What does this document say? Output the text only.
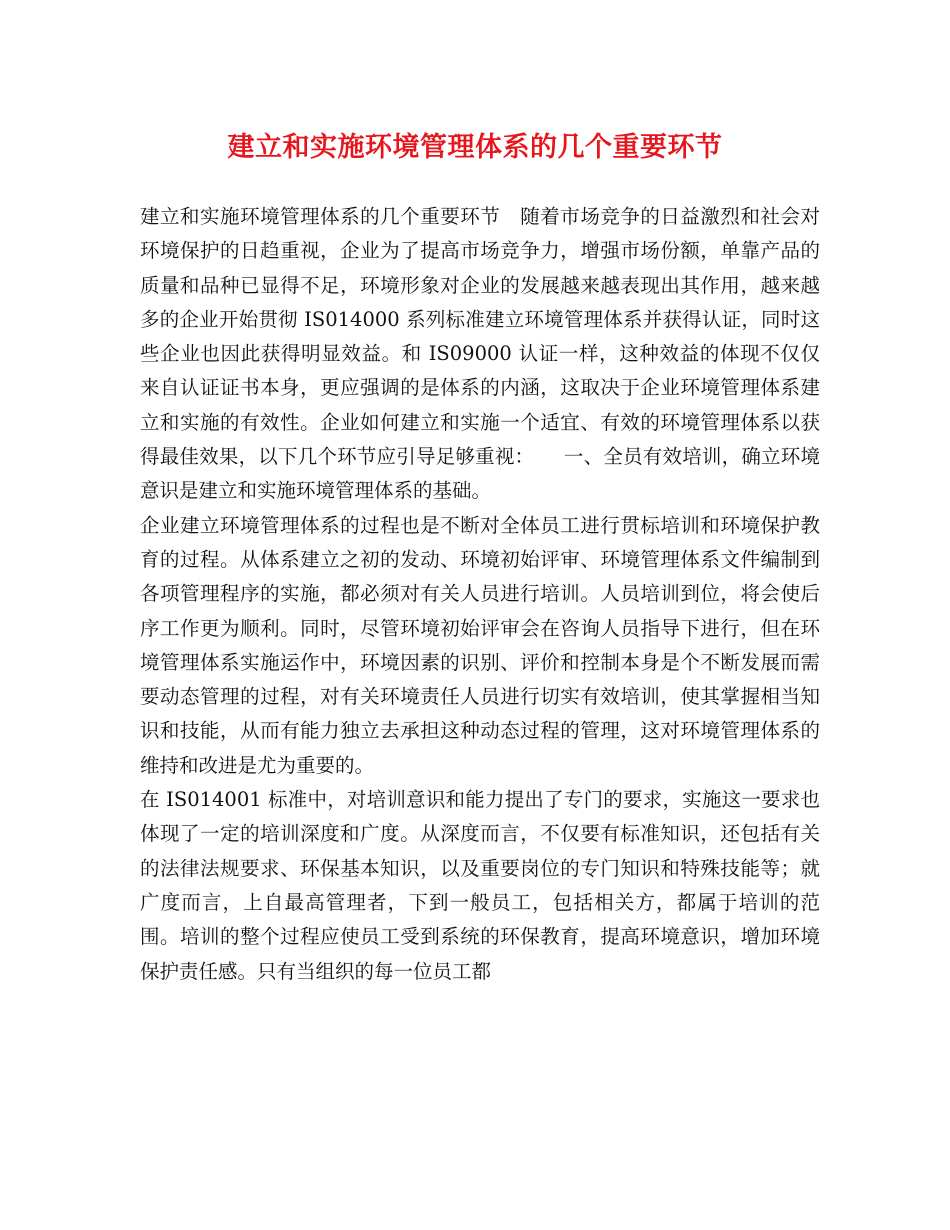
建立和实施环境管理体系的几个重要环节

建立和实施环境管理体系的几个重要环节　随着市场竞争的日益激烈和社会对环境保护的日趋重视，企业为了提高市场竞争力，增强市场份额，单靠产品的质量和品种已显得不足，环境形象对企业的发展越来越表现出其作用，越来越多的企业开始贯彻 IS014000 系列标准建立环境管理体系并获得认证，同时这些企业也因此获得明显效益。和 IS09000 认证一样，这种效益的体现不仅仅来自认证证书本身，更应强调的是体系的内涵，这取决于企业环境管理体系建立和实施的有效性。企业如何建立和实施一个适宜、有效的环境管理体系以获得最佳效果，以下几个环节应引导足够重视：　　一、全员有效培训，确立环境意识是建立和实施环境管理体系的基础。

企业建立环境管理体系的过程也是不断对全体员工进行贯标培训和环境保护教育的过程。从体系建立之初的发动、环境初始评审、环境管理体系文件编制到各项管理程序的实施，都必须对有关人员进行培训。人员培训到位，将会使后序工作更为顺利。同时，尽管环境初始评审会在咨询人员指导下进行，但在环境管理体系实施运作中，环境因素的识别、评价和控制本身是个不断发展而需要动态管理的过程，对有关环境责任人员进行切实有效培训，使其掌握相当知识和技能，从而有能力独立去承担这种动态过程的管理，这对环境管理体系的维持和改进是尤为重要的。

在 IS014001 标准中，对培训意识和能力提出了专门的要求，实施这一要求也体现了一定的培训深度和广度。从深度而言，不仅要有标准知识，还包括有关的法律法规要求、环保基本知识，以及重要岗位的专门知识和特殊技能等；就广度而言，上自最高管理者，下到一般员工，包括相关方，都属于培训的范围。培训的整个过程应使员工受到系统的环保教育，提高环境意识，增加环境保护责任感。只有当组织的每一位员工都
